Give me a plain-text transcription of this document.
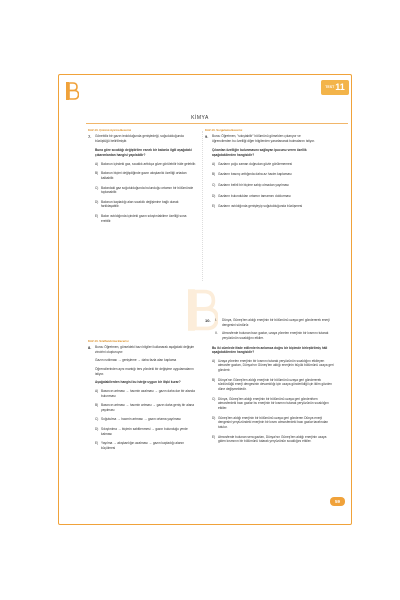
$^{TEST}$11
KİMYA
KAZ.10. Çözünü Ayırma Becerisi
7. Gönebiliz bir gazın iedolduğunda genişledeği, soğudulduğunda büzüştüğü belirlilmiştir.
Buna göre sıcaklığı değiştirilen esnek bir balonla ilgili aşağıdaki çıkarımlardan hangisi yapılabilir?
A) Balonun içindeki gaz, sıcaklık arttıkça göze görülebilir hâle gelebilir.
B) Balonun biçimi değişdiğinde gazın akışkanlık özelliği ortadan kalkabilir.
C) Balondaki gaz soğutulduğunda bulunduğu ortamın bir bölümünde toplanabilir.
D) Balonun kapladığı alan sıcaklık değişimine bağlı olarak farklılaşabilir.
E) Balon ısıtıldığında içindeki gazın sıkıştırılabilme özelliği sona erebilir.
KAZ.10. Sorgulama Becerisi
9. Burcu Öğretmen, "sıkıştabilir" bölümünü görselden çıkarıyor ve öğrencilerden bu özelliği diğer bilgilerden yararlanarak bulmalarını istiyor.
Çıkarılan özelliğin bulunmasını sağlayan ipucunu veren özellik aşağıdakilerden hangisidir?
A) Gazların çoğu zaman doğrudan gözle görülememesi
B) Gazların basınç arttığında daha az hacim kaplaması
C) Gazların belirli bir biçime sahip olmadan yayılması
D) Gazların bulundukları ortamın tamamını doldurması
E) Gazların ısıtıldığında genişleyip soğutulduğunda büzüşmesi
KAZ.10. Sınıflandırma Becerisi
8. Burcu Öğretmen, görseldeki bazı bilgileri kullanarak aşağıdaki değişim zincirini oluşturuyor:
Gazın ısıtılması → genişleme → daha fazla alan kaplama
Öğrencilerinden aynı mantığı ters yöndeki bir değişime uygulamalarını istiyor.
Aşağıdakilerden hangisi bu isteğe uygun bir ilişki kurar?
A) Basıncın artması → hacmin azalması → gazın daha dar bir alanda bulunması
B) Basıncın artması → hacmin artması → gazın daha geniş bir alana yayılması
C) Soğutulma → hacmin artması → gazın ortama yayılması
D) Sıkıştırılma → biçimin sabitlenmesi → gazın bulunduğu yerde kalması
E) Yayılma → akışkanlığın azalması → gazın kapladığı alanın küçülmesi
10. I.	Dünya, Güneş'ten aldığı enerjinin bir bölümünü uzaya geri göndererek enerji dengesini sürdürür.
II.	Atmosferde bulunan bazı gazlar, uzaya yönelen enerjinin bir kısmını tutarak yeryüzünün sıcaklığını etkiler.
Bu iki cümlede ifade edilenlerin anlamca doğru bir biçimde birleştirilmiş hâli aşağıdakilerden hangisidir?
A) Uzaya yönelen enerjinin bir kısmını tutarak yeryüzünün sıcaklığını etkileyen atmosfer gazları, Dünya'nın Güneş'ten aldığı enerjinin büyük bölümünü uzaya geri gönderir.
B) Dünya'nın Güneş'ten aldığı enerjinin bir bölümünü uzaya geri göndererek sürdürdüğü enerji dengesinin devamlılığı için uzaya gönderildiği için iklim gözden düne değişmektedir.
C) Dünya, Güneş'ten aldığı enerjinin bir bölümünü uzaya geri gönderirken atmosferdeki bazı gazlar bu enerjinin bir kısmını tutarak yeryüzünün sıcaklığını etkiler.
D) Güneş'ten aldığı enerjinin bir bölümünü uzaya geri gönderen Dünya enerji dengesini yeryüzündeki enerjinin bir kısmı atmosferdeki bazı gazlar tarafından tutulur.
E) Atmosferde bulunan sera gazları, Dünya'nın Güneş'ten aldığı enerjinin uzaya giden kısmının bir bölümünü tutarak yeryüzünün sıcaklığını etkiler.
59
